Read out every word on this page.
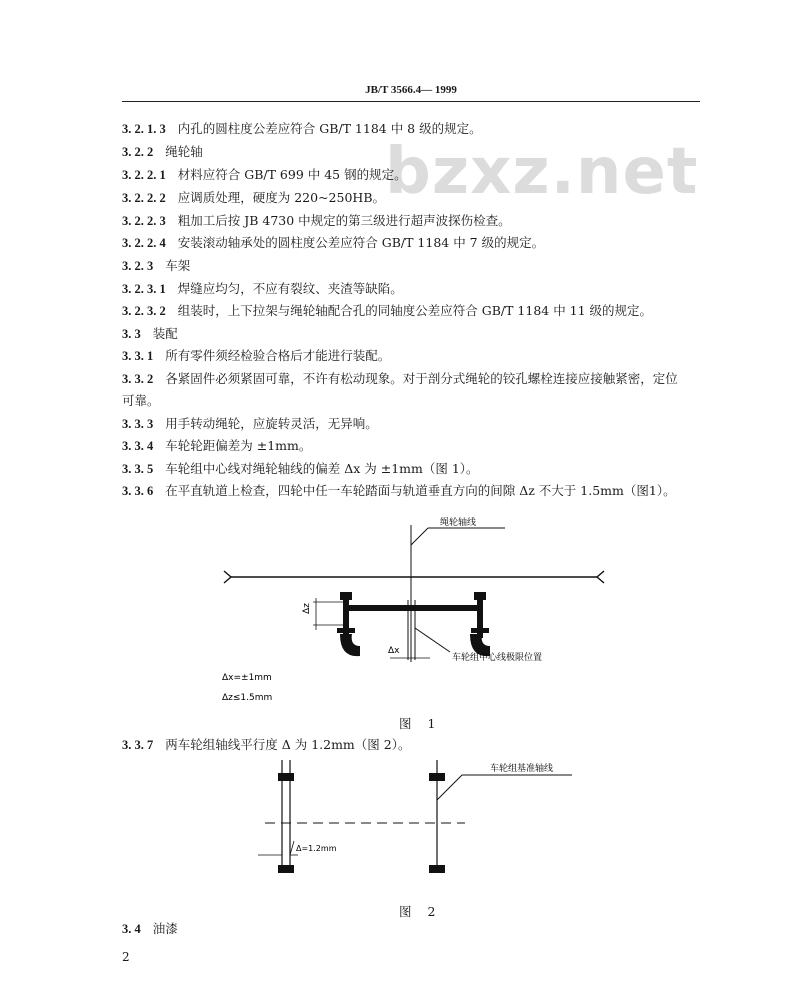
JB/T 3566.4— 1999
bzxz.net
3. 2. 1. 3 内孔的圆柱度公差应符合 GB/T 1184 中 8 级的规定。
3. 2. 2 绳轮轴
3. 2. 2. 1 材料应符合 GB/T 699 中 45 钢的规定。
3. 2. 2. 2 应调质处理，硬度为 220~250HB。
3. 2. 2. 3 粗加工后按 JB 4730 中规定的第三级进行超声波探伤检查。
3. 2. 2. 4 安装滚动轴承处的圆柱度公差应符合 GB/T 1184 中 7 级的规定。
3. 2. 3 车架
3. 2. 3. 1 焊缝应均匀，不应有裂纹、夹渣等缺陷。
3. 2. 3. 2 组装时，上下拉架与绳轮轴配合孔的同轴度公差应符合 GB/T 1184 中 11 级的规定。
3. 3 装配
3. 3. 1 所有零件须经检验合格后才能进行装配。
3. 3. 2 各紧固件必须紧固可靠，不许有松动现象。对于剖分式绳轮的铰孔螺栓连接应接触紧密，定位
可靠。
3. 3. 3 用手转动绳轮，应旋转灵活，无异响。
3. 3. 4 车轮轮距偏差为 ±1mm。
3. 3. 5 车轮组中心线对绳轮轴线的偏差 Δx 为 ±1mm（图 1）。
3. 3. 6 在平直轨道上检查，四轮中任一车轮踏面与轨道垂直方向的间隙 Δz 不大于 1.5mm（图1）。
绳轮轴线
Δz
Δx
车轮组中心线极限位置
Δx=±1mm
Δz≤1.5mm
图 1
3. 3. 7 两车轮组轴线平行度 Δ 为 1.2mm（图 2）。
Δ=1.2mm
车轮组基准轴线
图 2
3. 4 油漆
2
